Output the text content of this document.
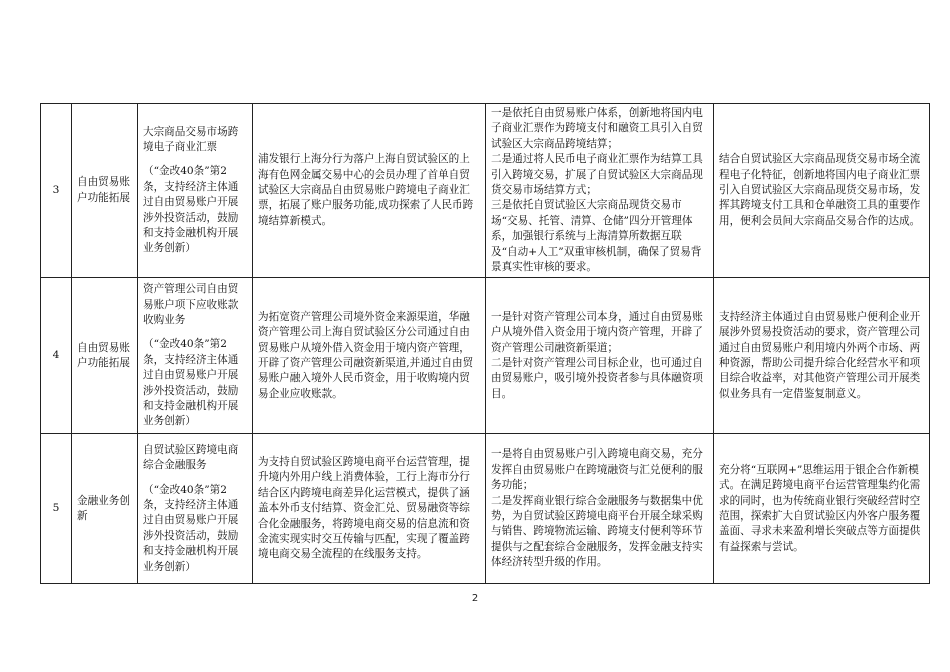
3	自由贸易账户功能拓展	大宗商品交易市场跨境电子商业汇票
（“金改40条”第2条，支持经济主体通过自由贸易账户开展涉外投资活动，鼓励和支持金融机构开展业务创新）	浦发银行上海分行为落户上海自贸试验区的上海有色网金属交易中心的会员办理了首单自贸试验区大宗商品自由贸易账户跨境电子商业汇票，拓展了账户服务功能,成功探索了人民币跨境结算新模式。	一是依托自由贸易账户体系，创新地将国内电子商业汇票作为跨境支付和融资工具引入自贸试验区大宗商品跨境结算；
二是通过将人民币电子商业汇票作为结算工具引入跨境交易，扩展了自贸试验区大宗商品现货交易市场结算方式；
三是依托自贸试验区大宗商品现货交易市场“交易、托管、清算、仓储”四分开管理体系，加强银行系统与上海清算所数据互联及“自动+人工”双重审核机制，确保了贸易背景真实性审核的要求。	结合自贸试验区大宗商品现货交易市场全流程电子化特征，创新地将国内电子商业汇票引入自贸试验区大宗商品现货交易市场，发挥其跨境支付工具和仓单融资工具的重要作用，便利会员间大宗商品交易合作的达成。
4	自由贸易账户功能拓展	资产管理公司自由贸易账户项下应收账款收购业务
（“金改40条”第2条，支持经济主体通过自由贸易账户开展涉外投资活动，鼓励和支持金融机构开展业务创新）	为拓宽资产管理公司境外资金来源渠道，华融资产管理公司上海自贸试验区分公司通过自由贸易账户从境外借入资金用于境内资产管理，开辟了资产管理公司融资新渠道,并通过自由贸易账户融入境外人民币资金，用于收购境内贸易企业应收账款。	一是针对资产管理公司本身，通过自由贸易账户从境外借入资金用于境内资产管理，开辟了资产管理公司融资新渠道；
二是针对资产管理公司目标企业，也可通过自由贸易账户，吸引境外投资者参与具体融资项目。	支持经济主体通过自由贸易账户便利企业开展涉外贸易投资活动的要求，资产管理公司通过自由贸易账户利用境内外两个市场、两种资源，帮助公司提升综合化经营水平和项目综合收益率，对其他资产管理公司开展类似业务具有一定借鉴复制意义。
5	金融业务创新	自贸试验区跨境电商综合金融服务
（“金改40条”第2条，支持经济主体通过自由贸易账户开展涉外投资活动，鼓励和支持金融机构开展业务创新）	为支持自贸试验区跨境电商平台运营管理，提升境内外用户线上消费体验，工行上海市分行结合区内跨境电商差异化运营模式，提供了涵盖本外币支付结算、资金汇兑、贸易融资等综合化金融服务，将跨境电商交易的信息流和资金流实现实时交互传输与匹配，实现了覆盖跨境电商交易全流程的在线服务支持。	一是将自由贸易账户引入跨境电商交易，充分发挥自由贸易账户在跨境融资与汇兑便利的服务功能；
二是发挥商业银行综合金融服务与数据集中优势，为自贸试验区跨境电商平台开展全球采购与销售、跨境物流运输、跨境支付便利等环节提供与之配套综合金融服务，发挥金融支持实体经济转型升级的作用。	充分将“互联网+”思维运用于银企合作新模式。在满足跨境电商平台运营管理集约化需求的同时，也为传统商业银行突破经营时空范围，探索扩大自贸试验区内外客户服务覆盖面、寻求未来盈利增长突破点等方面提供有益探索与尝试。
2
